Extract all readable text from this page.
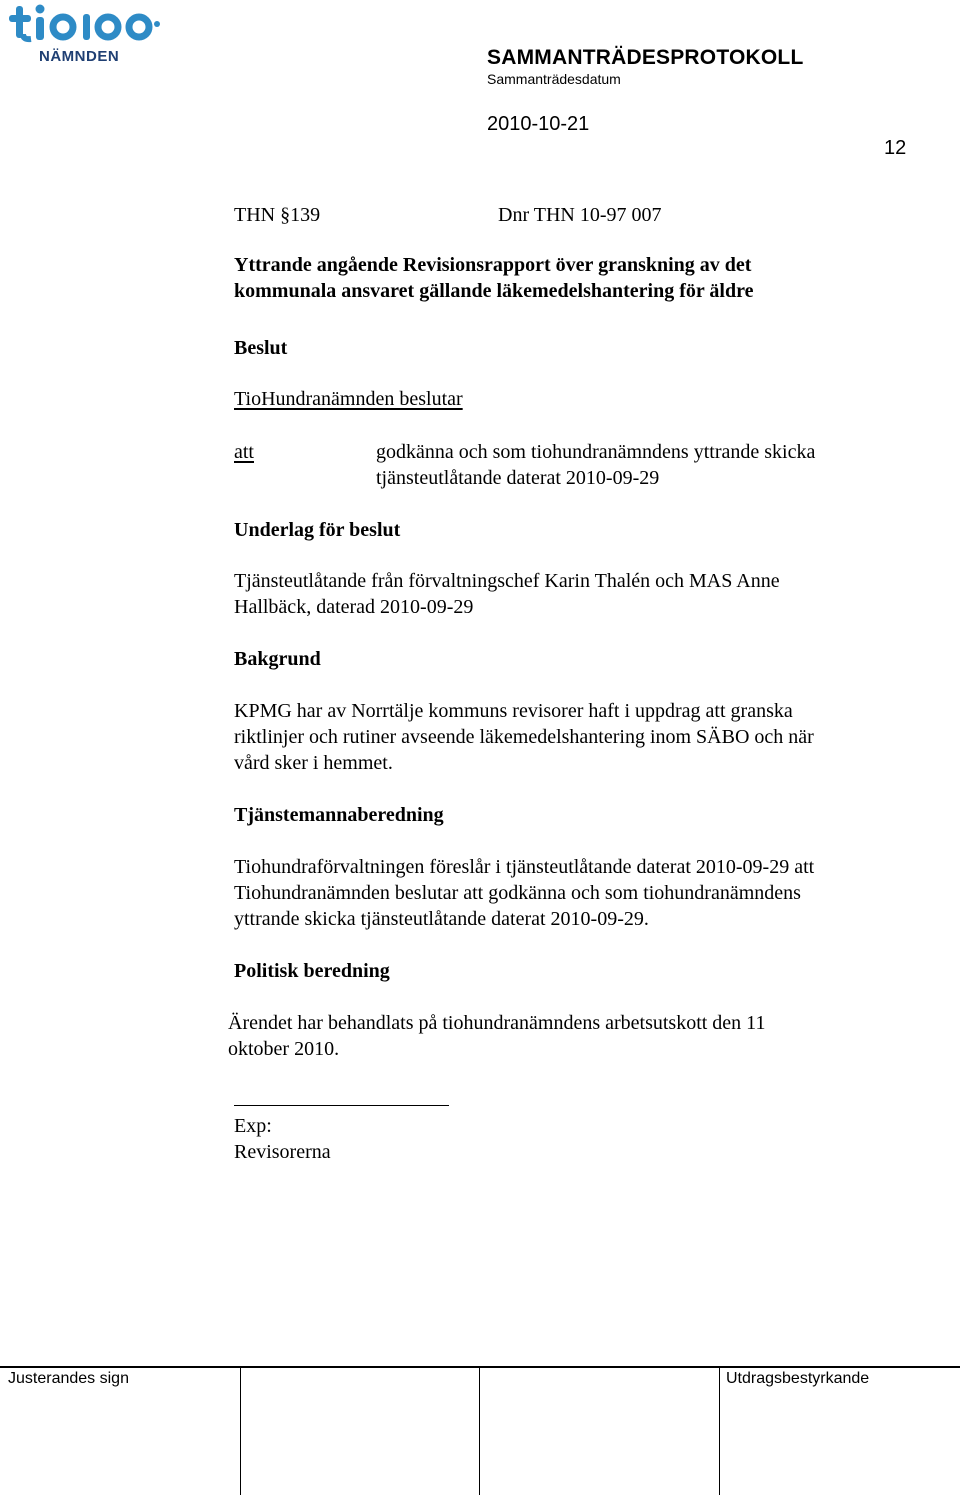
NÄMNDEN	SAMMANTRÄDESPROTOKOLL
Sammanträdesdatum
2010-10-21
12
THN §139	Dnr THN 10-97 007
Yttrande angående Revisionsrapport över granskning av det
kommunala ansvaret gällande läkemedelshantering för äldre
Beslut
TioHundranämnden beslutar
att	godkänna och som tiohundranämndens yttrande skicka
tjänsteutlåtande daterat 2010-09-29
Underlag för beslut
Tjänsteutlåtande från förvaltningschef Karin Thalén och MAS Anne
Hallbäck, daterad 2010-09-29
Bakgrund
KPMG har av Norrtälje kommuns revisorer haft i uppdrag att granska
riktlinjer och rutiner avseende läkemedelshantering inom SÄBO och när
vård sker i hemmet.
Tjänstemannaberedning
Tiohundraförvaltningen föreslår i tjänsteutlåtande daterat 2010-09-29 att
Tiohundranämnden beslutar att godkänna och som tiohundranämndens
yttrande skicka tjänsteutlåtande daterat 2010-09-29.
Politisk beredning
Ärendet har behandlats på tiohundranämndens arbetsutskott den 11
oktober 2010.
Exp:
Revisorerna
Justerandes sign	Utdragsbestyrkande
